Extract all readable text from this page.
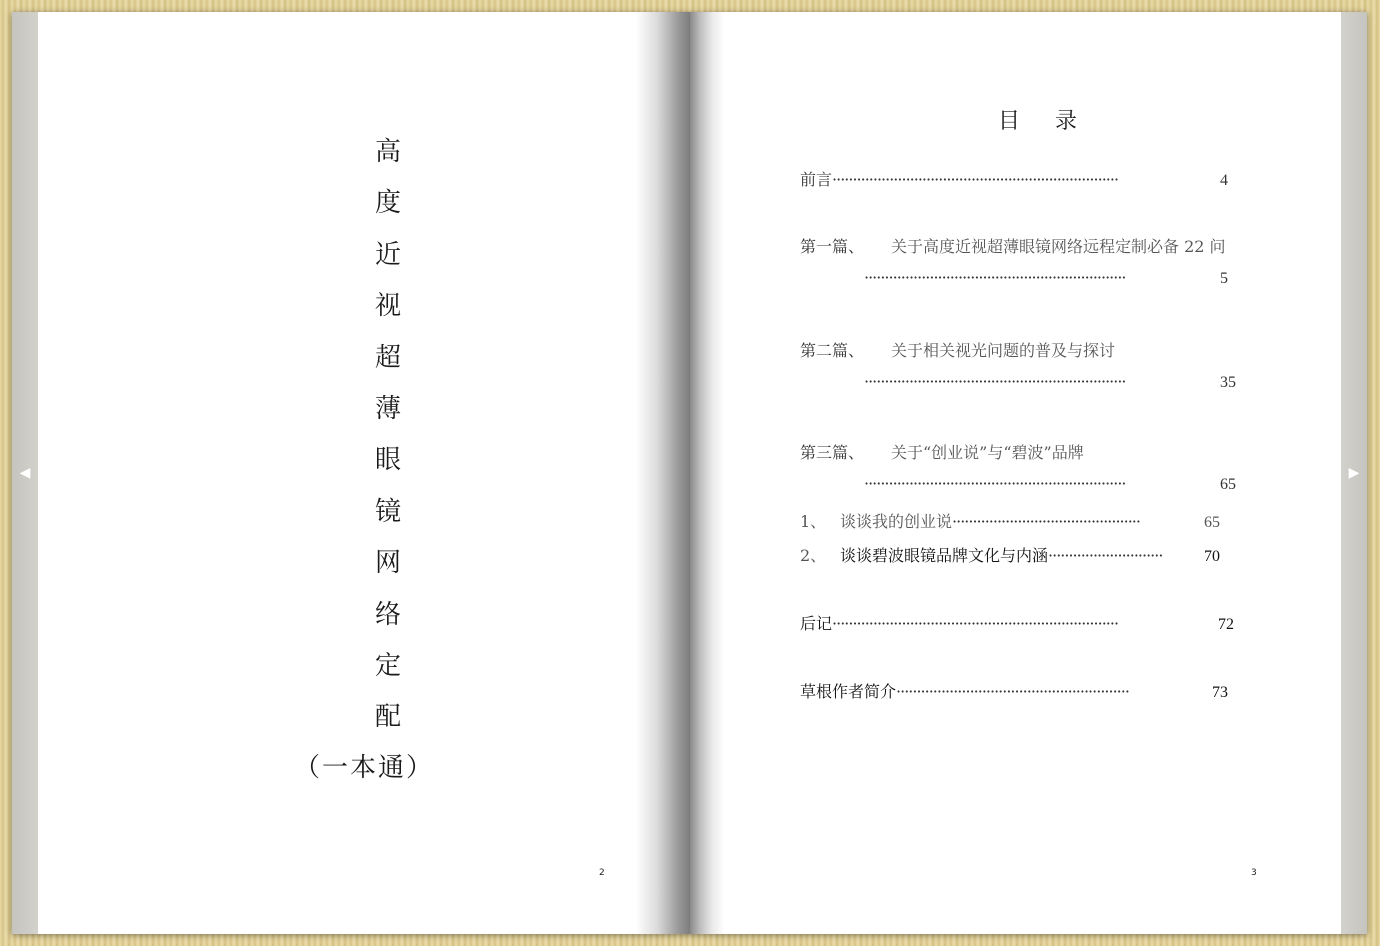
◀
高
度
近
视
超
薄
眼
镜
网
络
定
配
（一本通）
2
目 录
前言 ······································································	4
第一篇、	关于高度近视超薄眼镜网络远程定制必备 22 问
································································	5
第二篇、	关于相关视光问题的普及与探讨
································································	35
第三篇、	关于“创业说”与“碧波”品牌
································································	65
1、 谈谈我的创业说 ··············································	65
2、 谈谈碧波眼镜品牌文化与内涵 ····························	70
后记 ······································································	72
草根作者简介 ·························································	73
3
▶
